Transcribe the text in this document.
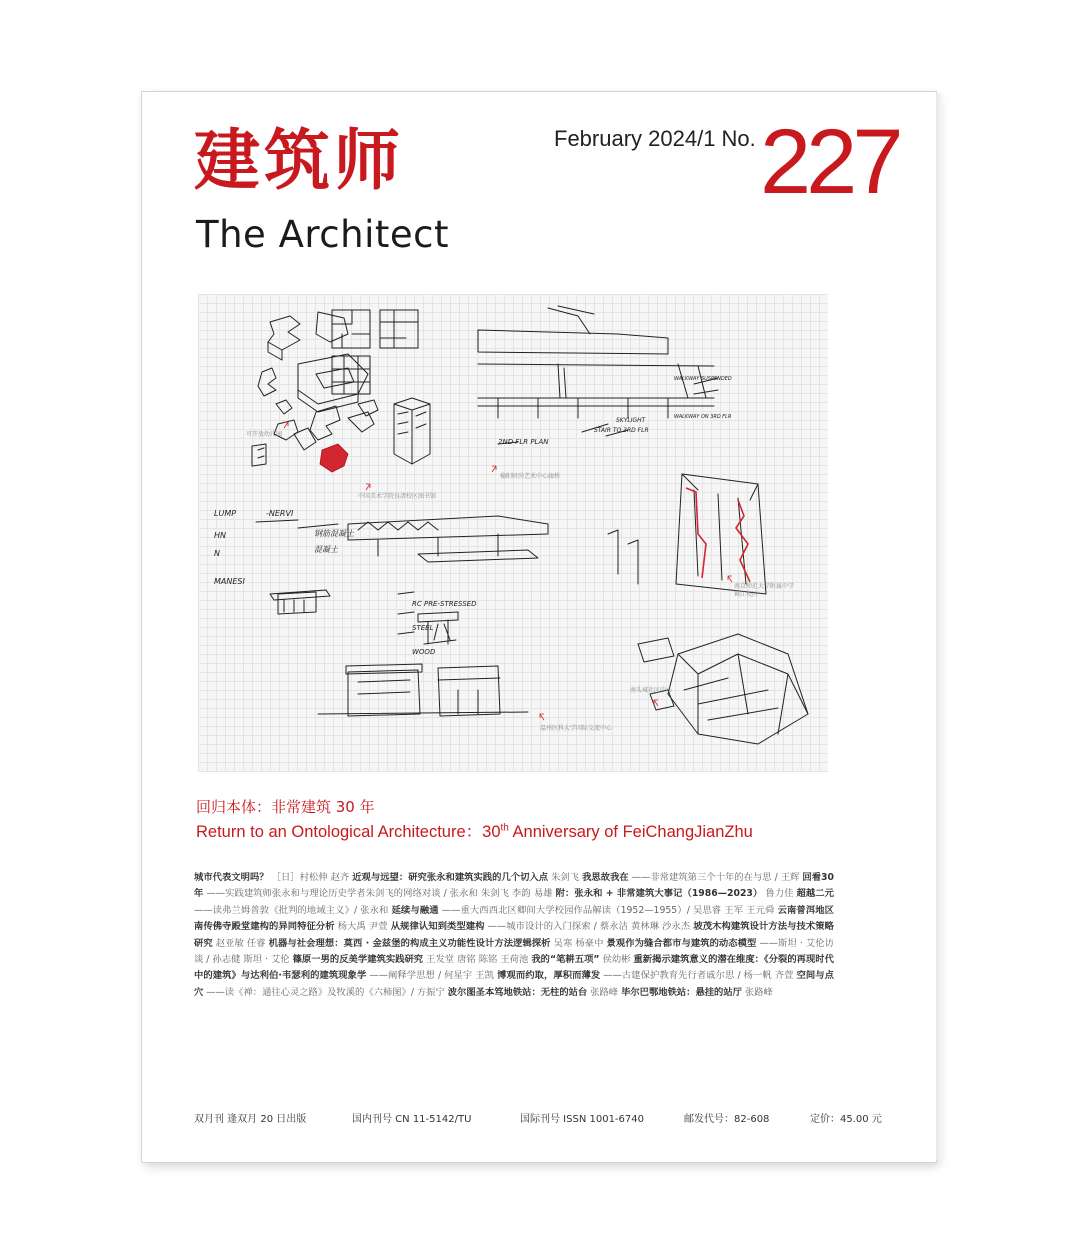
建筑师
The Architect
February 2024/1 No. 227
2ND FLR PLAN
STAIR TO 3RD FLR
SKYLIGHT
WALKWAY SUSPENDED
WALKWAY ON 3RD FLR
LUMP	-NERVI
HN
N
MANESI
钢筋混凝土
混凝土
RC PRE-STRESSED
STEEL
WOOD
可开放幼儿园
中国美术学院良渚校区图书馆
榆阳时尚艺术中心廊桥
南京师范大学附属中学
镇江校区
南头城社区中心
温州医科大学国际交流中心
回归本体：非常建筑 30 年
Return to an Ontological Architecture：30th Anniversary of FeiChangJianZhu
城市代表文明吗？ ［日］村松伸 赵齐 近观与远望：研究张永和建筑实践的几个切入点 朱剑飞 我思故我在 ——非常建筑第三个十年的在与思 / 王辉 回看30年 ——实践建筑师张永和与理论历史学者朱剑飞的网络对谈 / 张永和 朱剑飞 李韵 易雄 附：张永和 + 非常建筑大事记（1986—2023） 鲁力佳 超越二元 ——读弗兰姆普敦《批判的地域主义》/ 张永和 延续与融通 ——重大西西北区卿间大学校园作品解读（1952—1955）/ 吴思睿 王军 王元舜 云南普洱地区南传佛寺殿堂建构的异同特征分析 杨大禹 尹萱 从规律认知到类型建构 ——城市设计的入门探索 / 蔡永洁 黄林琳 沙永杰 坡茂木构建筑设计方法与技术策略研究 赵亚敏 任睿 机器与社会理想：莫西 · 金兹堡的构成主义功能性设计方法逻辑探析 吴寒 杨豪中 景观作为缝合都市与建筑的动态模型 ——斯坦 · 艾伦访谈 / 孙志健 斯坦 · 艾伦 篠原一男的反美学建筑实践研究 王发堂 唐铭 陈铭 王荷池 我的“笔耕五项” 侯幼彬 重新揭示建筑意义的潜在维度：《分裂的再现时代中的建筑》与达利伯·韦瑟利的建筑现象学 ——阐释学思想 / 何星宇 王凯 博观而约取，厚积而薄发 ——古建保护教育先行者戚尔思 / 杨一帆 齐萱 空间与点穴 ——读《禅：通往心灵之路》及牧溪的《六柿图》/ 方振宁 波尔图圣本笃地铁站：无柱的站台 张路峰 毕尔巴鄂地铁站：悬挂的站厅 张路峰
双月刊 逢双月 20 日出版	国内刊号 CN 11-5142/TU	国际刊号 ISSN 1001-6740	邮发代号：82-608	定价：45.00 元
